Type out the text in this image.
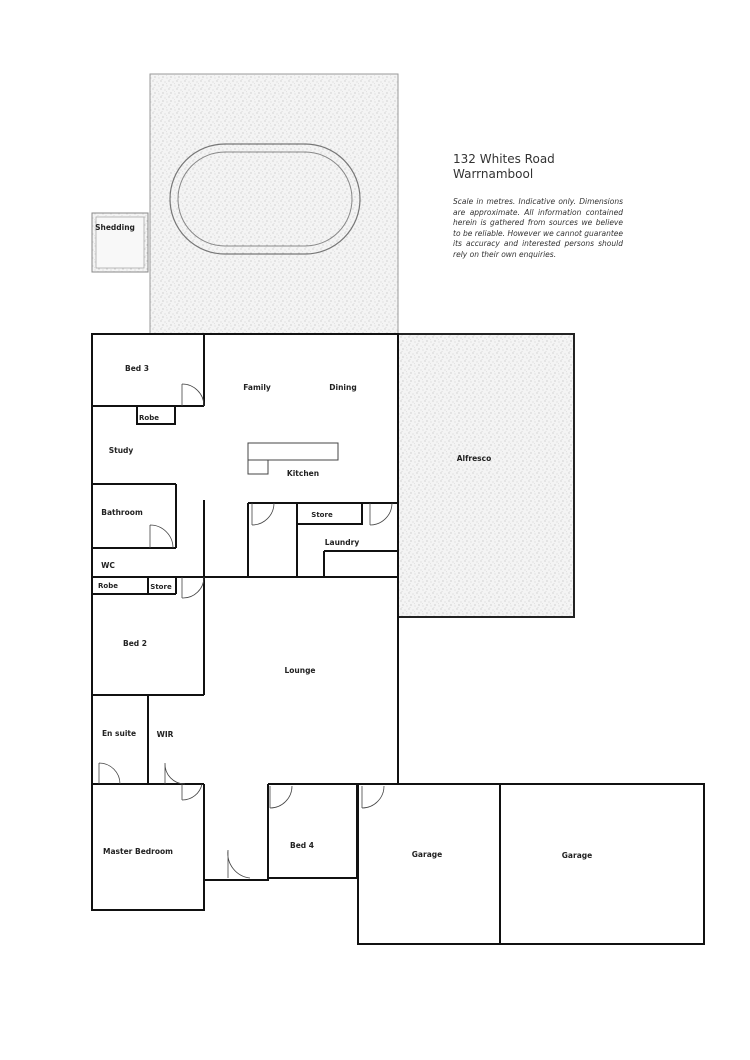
Shedding
Bed 3
Robe
Family	Dining
Study
Kitchen
Alfresco
Bathroom	Store
Laundry
WC
Robe	Store
Bed 2
Lounge
En suite	WIR
Master Bedroom
Bed 4
Garage	Garage
132 Whites Road
Warrnambool
Scale in metres. Indicative only. Dimensions are approximate. All information contained herein is gathered from sources we believe to be reliable. However we cannot guarantee its accuracy and interested persons should rely on their own enquiries.
